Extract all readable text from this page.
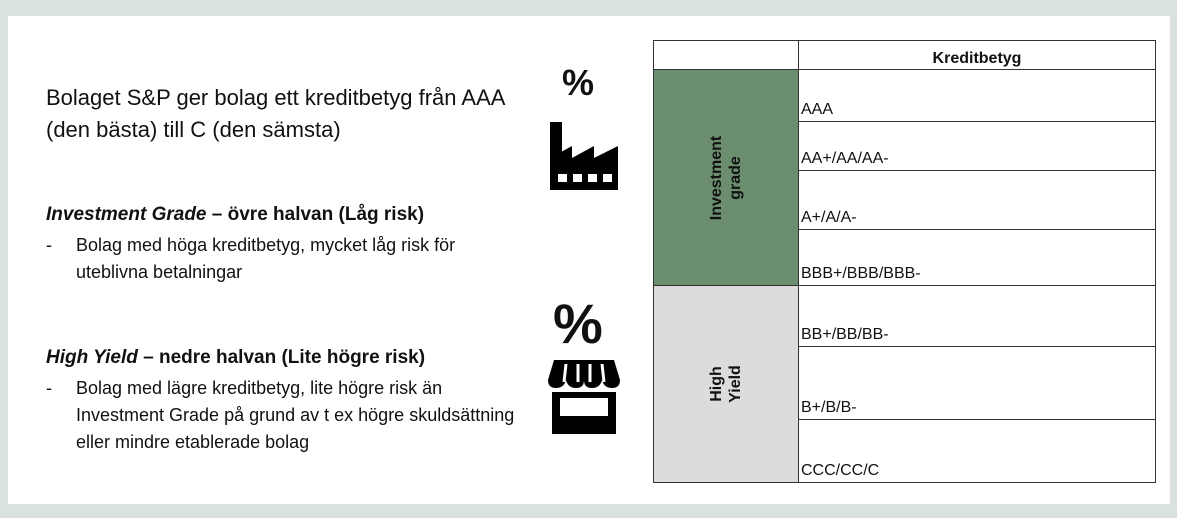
Bolaget S&P ger bolag ett kreditbetyg från AAA (den bästa) till C (den sämsta)
Investment Grade – övre halvan (Låg risk)
- Bolag med höga kreditbetyg, mycket låg risk för uteblivna betalningar
High Yield – nedre halvan (Lite högre risk)
- Bolag med lägre kreditbetyg, lite högre risk än Investment Grade på grund av t ex högre skuldsättning eller mindre etablerade bolag
%
%
	Kreditbetyg

Investment grade	AAA
	AA+/AA/AA-
	A+/A/A-
	BBB+/BBB/BBB-

High Yield	BB+/BB/BB-
	B+/B/B-
	CCC/CC/C
